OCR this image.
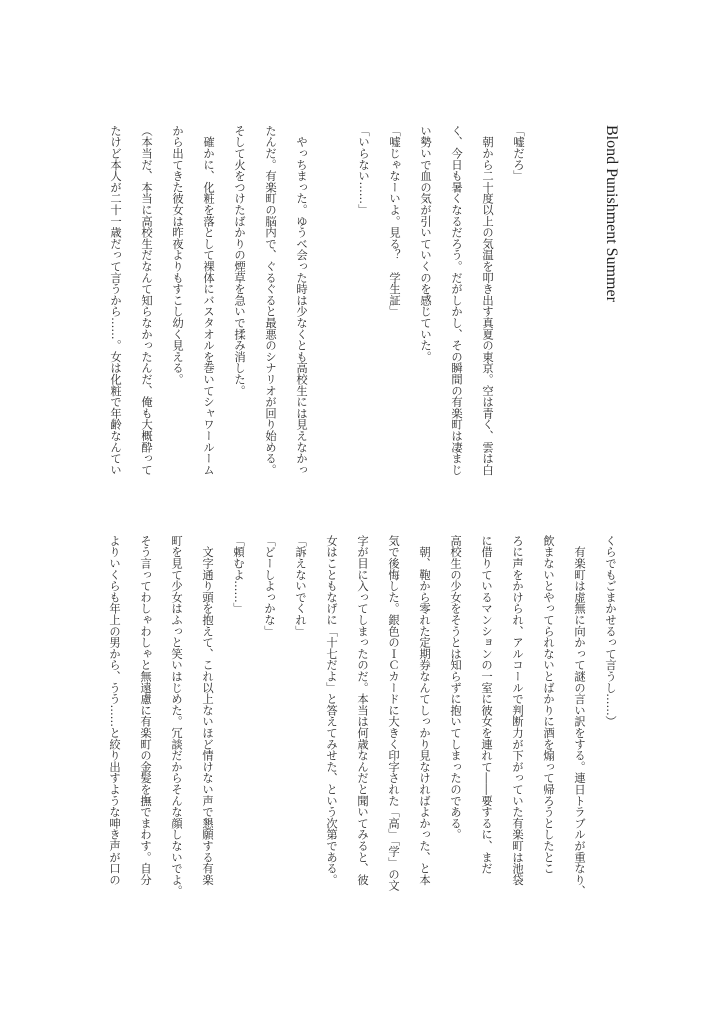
Blond Punishment Summer
「嘘だろ」
　朝から二十度以上の気温を叩き出す真夏の東京。空は青く、雲は白
く、今日も暑くなるだろう。だがしかし、その瞬間の有楽町は凄まじ
い勢いで血の気が引いていくのを感じていた。
「嘘じゃなーいよ。見る？　学生証」
「いらない……」
　やっちまった。ゆうべ会った時は少なくとも高校生には見えなかっ
たんだ。有楽町の脳内で、ぐるぐると最悪のシナリオが回り始める。
そして火をつけたばかりの煙草を急いで揉み消した。
　確かに、化粧を落として裸体にバスタオルを巻いてシャワールーム
から出てきた彼女は昨夜よりもすこし幼く見える。
（本当だ、本当に高校生だなんて知らなかったんだ、俺も大概酔って
たけど本人が二十一歳だって言うから……。女は化粧で年齢なんてい
くらでもごまかせるって言うし……）
　有楽町は虚無に向かって謎の言い訳をする。連日トラブルが重なり、
飲まないとやってられないとばかりに酒を煽って帰ろうとしたとこ
ろに声をかけられ、アルコールで判断力が下がっていた有楽町は池袋
に借りているマンションの一室に彼女を連れて――要するに、まだ
高校生の少女をそうとは知らずに抱いてしまったのである。
　朝、鞄から零れた定期券なんてしっかり見なければよかった、と本
気で後悔した。銀色のＩＣカードに大きく印字された「高」「学」の文
字が目に入ってしまったのだ。本当は何歳なんだと聞いてみると、彼
女はこともなげに「十七だよ」と答えてみせた、という次第である。
「訴えないでくれ」
「どーしよっかな」
「頼むよ……」
　文字通り頭を抱えて、これ以上ないほど情けない声で懇願する有楽
町を見て少女はふっと笑いはじめた。冗談だからそんな顔しないでよ。
そう言ってわしゃわしゃと無遠慮に有楽町の金髪を撫でまわす。自分
よりいくらも年上の男から、うう……と絞り出すような呻き声が口の
